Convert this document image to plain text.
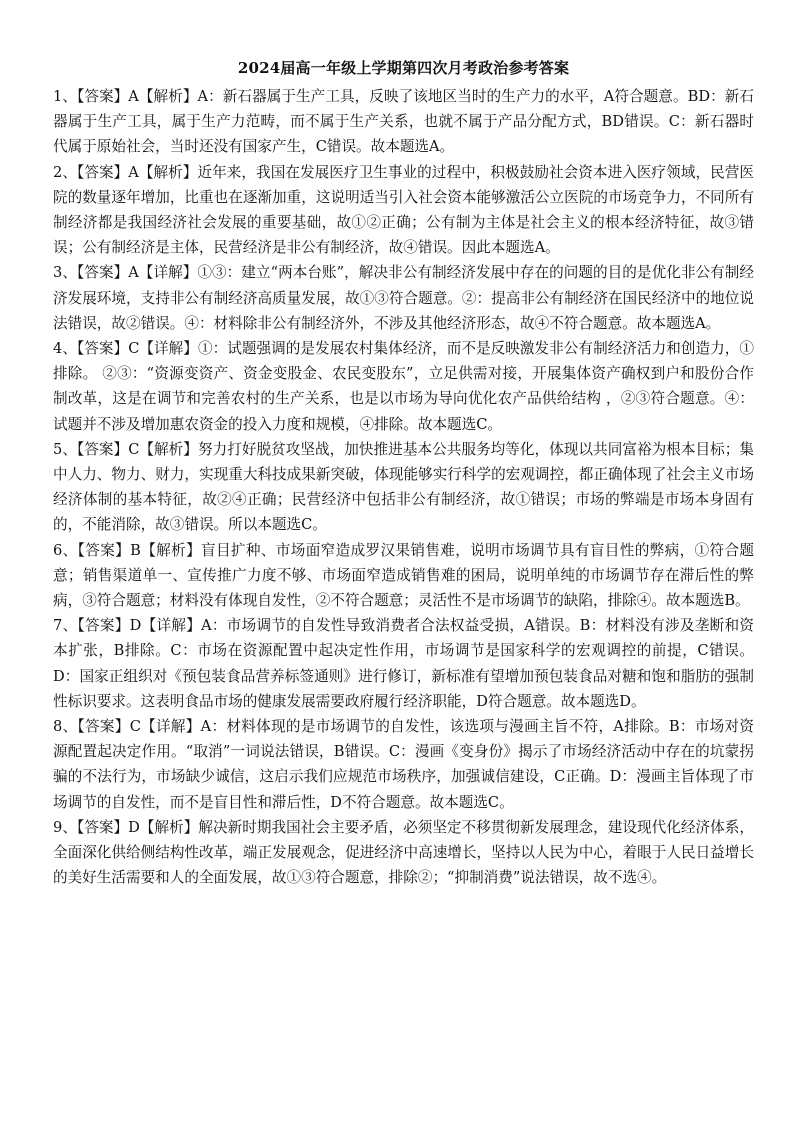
2024届高一年级上学期第四次月考政治参考答案

1、【答案】A【解析】A：新石器属于生产工具，反映了该地区当时的生产力的水平，A符合题意。BD：新石器属于生产工具，属于生产力范畴，而不属于生产关系，也就不属于产品分配方式，BD错误。C：新石器时代属于原始社会，当时还没有国家产生，C错误。故本题选A。

2、【答案】A【解析】近年来，我国在发展医疗卫生事业的过程中，积极鼓励社会资本进入医疗领域，民营医院的数量逐年增加，比重也在逐渐加重，这说明适当引入社会资本能够激活公立医院的市场竞争力，不同所有制经济都是我国经济社会发展的重要基础，故①②正确；公有制为主体是社会主义的根本经济特征，故③错误；公有制经济是主体，民营经济是非公有制经济，故④错误。因此本题选A。

3、【答案】A【详解】①③：建立“两本台账”，解决非公有制经济发展中存在的问题的目的是优化非公有制经济发展环境，支持非公有制经济高质量发展，故①③符合题意。②：提高非公有制经济在国民经济中的地位说法错误，故②错误。④：材料除非公有制经济外，不涉及其他经济形态，故④不符合题意。故本题选A。

4、【答案】C【详解】①：试题强调的是发展农村集体经济，而不是反映激发非公有制经济活力和创造力，①排除。 ②③：“资源变资产、资金变股金、农民变股东”，立足供需对接，开展集体资产确权到户和股份合作制改革，这是在调节和完善农村的生产关系，也是以市场为导向优化农产品供给结构 ，②③符合题意。④：试题并不涉及增加惠农资金的投入力度和规模，④排除。故本题选C。

5、【答案】C【解析】努力打好脱贫攻坚战，加快推进基本公共服务均等化，体现以共同富裕为根本目标；集中人力、物力、财力，实现重大科技成果新突破，体现能够实行科学的宏观调控，都正确体现了社会主义市场经济体制的基本特征，故②④正确；民营经济中包括非公有制经济，故①错误；市场的弊端是市场本身固有的，不能消除，故③错误。所以本题选C。

6、【答案】B【解析】盲目扩种、市场面窄造成罗汉果销售难，说明市场调节具有盲目性的弊病，①符合题意；销售渠道单一、宣传推广力度不够、市场面窄造成销售难的困局，说明单纯的市场调节存在滞后性的弊病，③符合题意；材料没有体现自发性，②不符合题意；灵活性不是市场调节的缺陷，排除④。故本题选B。

7、【答案】D【详解】A：市场调节的自发性导致消费者合法权益受损，A错误。B：材料没有涉及垄断和资本扩张，B排除。C：市场在资源配置中起决定性作用，市场调节是国家科学的宏观调控的前提，C错误。D：国家正组织对《预包装食品营养标签通则》进行修订，新标准有望增加预包装食品对糖和饱和脂肪的强制性标识要求。这表明食品市场的健康发展需要政府履行经济职能，D符合题意。故本题选D。

8、【答案】C【详解】A：材料体现的是市场调节的自发性，该选项与漫画主旨不符，A排除。B：市场对资源配置起决定作用。“取消”一词说法错误，B错误。C：漫画《变身份》揭示了市场经济活动中存在的坑蒙拐骗的不法行为，市场缺少诚信，这启示我们应规范市场秩序，加强诚信建设，C正确。D：漫画主旨体现了市场调节的自发性，而不是盲目性和滞后性，D不符合题意。故本题选C。

9、【答案】D【解析】解决新时期我国社会主要矛盾，必须坚定不移贯彻新发展理念，建设现代化经济体系，全面深化供给侧结构性改革，端正发展观念，促进经济中高速增长，坚持以人民为中心，着眼于人民日益增长的美好生活需要和人的全面发展，故①③符合题意，排除②；“抑制消费”说法错误，故不选④。
